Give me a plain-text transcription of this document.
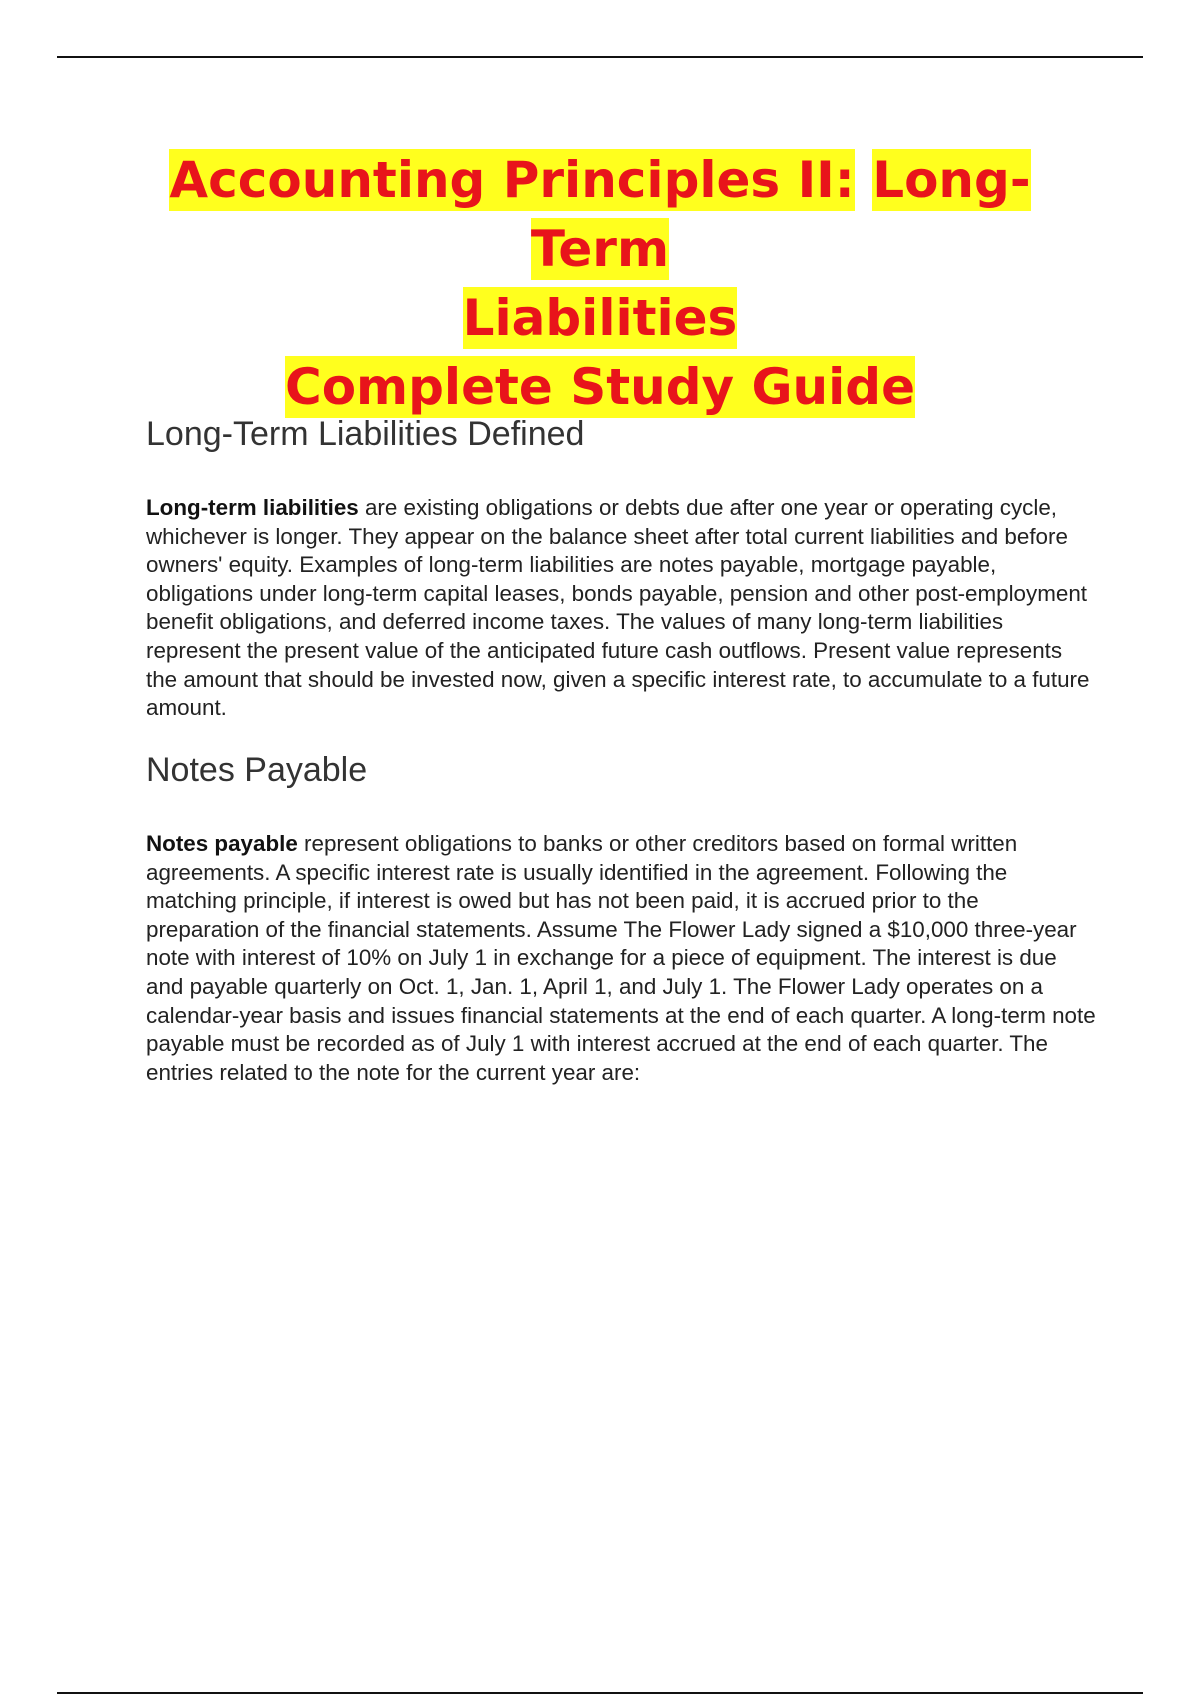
Accounting Principles II: Long-Term
Liabilities
Complete Study Guide
Long-Term Liabilities Defined

Long-term liabilities are existing obligations or debts due after one year or operating cycle, whichever is longer. They appear on the balance sheet after total current liabilities and before owners' equity. Examples of long-term liabilities are notes payable, mortgage payable, obligations under long-term capital leases, bonds payable, pension and other post-employment benefit obligations, and deferred income taxes. The values of many long-term liabilities represent the present value of the anticipated future cash outflows. Present value represents the amount that should be invested now, given a specific interest rate, to accumulate to a future amount.

Notes Payable

Notes payable represent obligations to banks or other creditors based on formal written agreements. A specific interest rate is usually identified in the agreement. Following the matching principle, if interest is owed but has not been paid, it is accrued prior to the preparation of the financial statements. Assume The Flower Lady signed a $10,000 three-year note with interest of 10% on July 1 in exchange for a piece of equipment. The interest is due and payable quarterly on Oct. 1, Jan. 1, April 1, and July 1. The Flower Lady operates on a calendar-year basis and issues financial statements at the end of each quarter. A long-term note payable must be recorded as of July 1 with interest accrued at the end of each quarter. The entries related to the note for the current year are:
